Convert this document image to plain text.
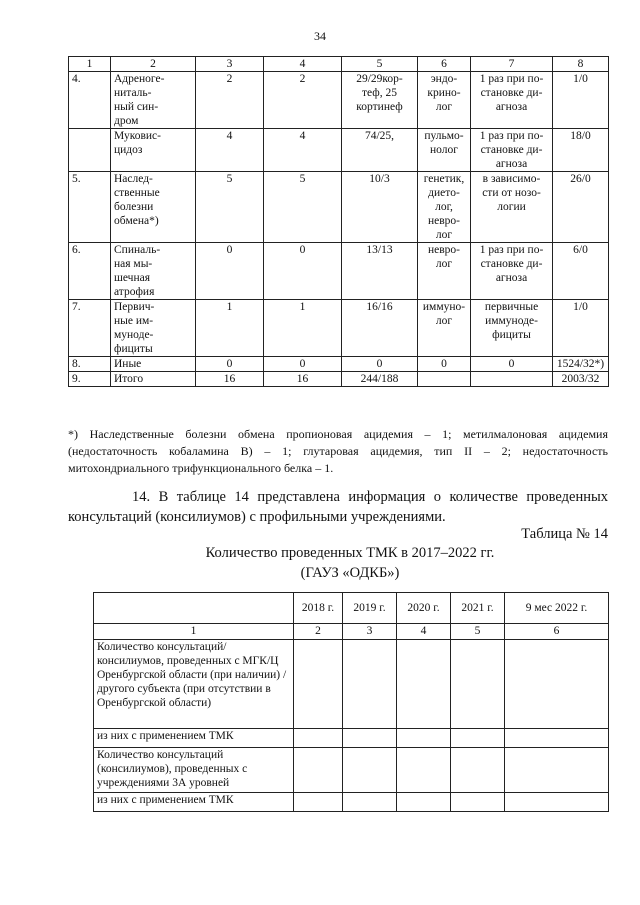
34
1	2	3	4	5	6	7	8
4.	Адреноге-
ниталь-
ный син-
дром	2	2	29/29кор-
теф, 25
кортинеф	эндо-
крино-
лог	1 раз при по-
становке ди-
агноза	1/0
	Муковис-
цидоз	4	4	74/25,	пульмо-
нолог	1 раз при по-
становке ди-
агноза	18/0
5.	Наслед-
ственные
болезни
обмена*)	5	5	10/3	генетик,
диетo-
лог,
невро-
лог	в зависимо-
сти от нозо-
логии	26/0
6.	Спиналь-
ная мы-
шечная
атрофия	0	0	13/13	невро-
лог	1 раз при по-
становке ди-
агноза	6/0
7.	Первич-
ные им-
муноде-
фициты	1	1	16/16	иммуно-
лог	первичные
иммуноде-
фициты	1/0
8.	Иные	0	0	0	0	0	1524/32*)
9.	Итого	16	16	244/188			2003/32
*) Наследственные болезни обмена пропионовая ацидемия – 1; метилмалоновая ацидемия (недостаточность кобаламина В) – 1; глутаровая ацидемия, тип II – 2; недостаточность митохондриального трифункционального белка – 1.
14. В таблице 14 представлена информация о количестве проведенных консультаций (консилиумов) с профильными учреждениями.
Таблица № 14
Количество проведенных ТМК в 2017–2022 гг.
(ГАУЗ «ОДКБ»)
	2018 г.	2019 г.	2020 г.	2021 г.	9 мес 2022 г.
1	2	3	4	5	6
Количество консультаций/ консилиумов, проведенных с МГК/Ц Оренбургской области (при наличии) / другого субъекта (при отсутствии в Оренбургской области)					
из них с применением ТМК					
Количество консультаций (консилиумов), проведенных с учреждениями 3А уровней					
из них с применением ТМК					
